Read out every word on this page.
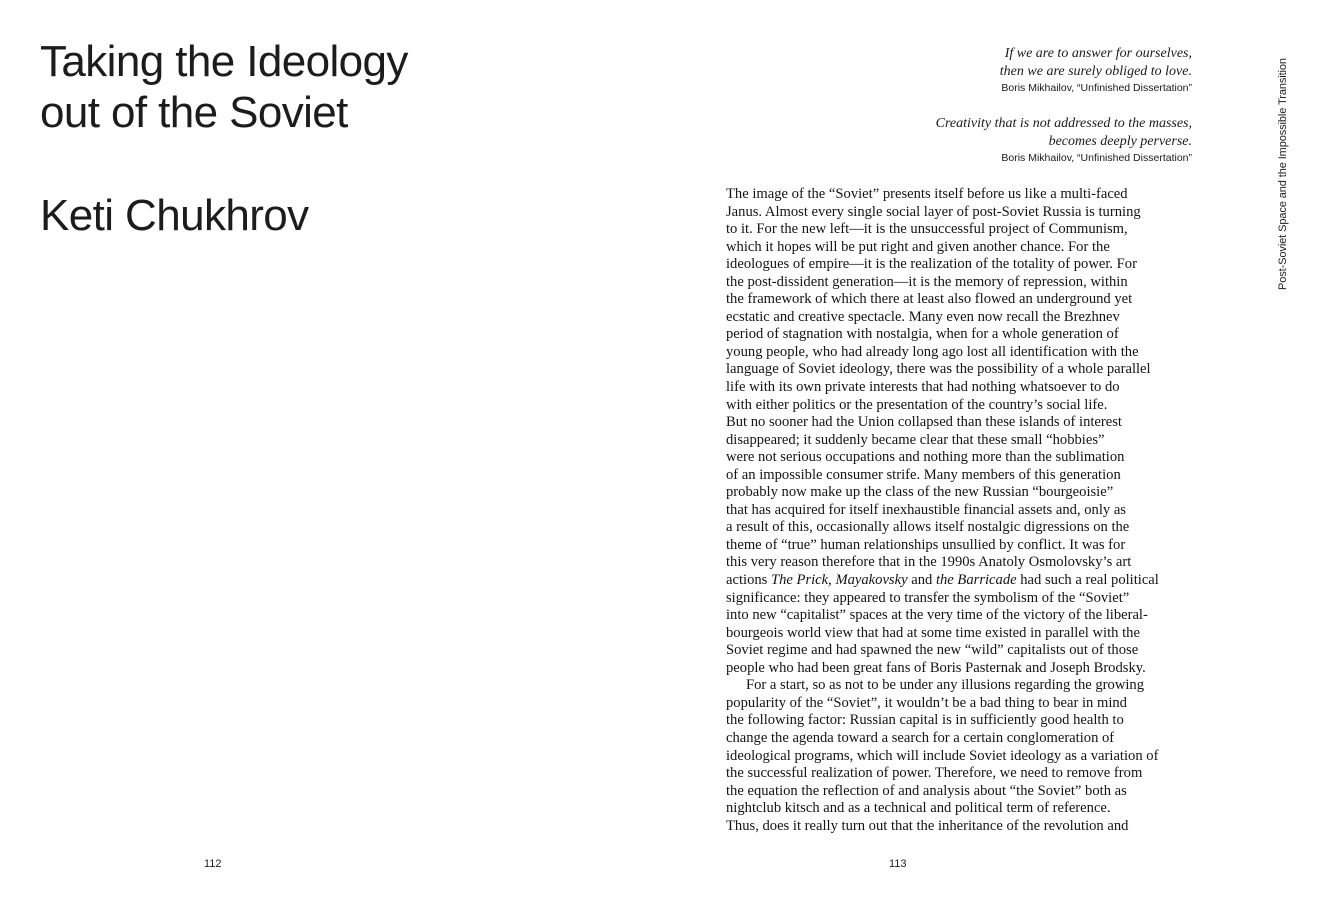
Taking the Ideology
out of the Soviet
Keti Chukhrov
112
Post-Soviet Space and the Impossible Transition
If we are to answer for ourselves,
then we are surely obliged to love.
Boris Mikhailov, “Unfinished Dissertation”
Creativity that is not addressed to the masses,
becomes deeply perverse.
Boris Mikhailov, “Unfinished Dissertation”
The image of the “Soviet” presents itself before us like a multi-faced
Janus. Almost every single social layer of post-Soviet Russia is turning
to it. For the new left—it is the unsuccessful project of Communism,
which it hopes will be put right and given another chance. For the
ideologues of empire—it is the realization of the totality of power. For
the post-dissident generation—it is the memory of repression, within
the framework of which there at least also flowed an underground yet
ecstatic and creative spectacle. Many even now recall the Brezhnev
period of stagnation with nostalgia, when for a whole generation of
young people, who had already long ago lost all identification with the
language of Soviet ideology, there was the possibility of a whole parallel
life with its own private interests that had nothing whatsoever to do
with either politics or the presentation of the country’s social life.
But no sooner had the Union collapsed than these islands of interest
disappeared; it suddenly became clear that these small “hobbies”
were not serious occupations and nothing more than the sublimation
of an impossible consumer strife. Many members of this generation
probably now make up the class of the new Russian “bourgeoisie”
that has acquired for itself inexhaustible financial assets and, only as
a result of this, occasionally allows itself nostalgic digressions on the
theme of “true” human relationships unsullied by conflict. It was for
this very reason therefore that in the 1990s Anatoly Osmolovsky’s art
actions The Prick, Mayakovsky and the Barricade had such a real political
significance: they appeared to transfer the symbolism of the “Soviet”
into new “capitalist” spaces at the very time of the victory of the liberal-
bourgeois world view that had at some time existed in parallel with the
Soviet regime and had spawned the new “wild” capitalists out of those
people who had been great fans of Boris Pasternak and Joseph Brodsky.
For a start, so as not to be under any illusions regarding the growing
popularity of the “Soviet”, it wouldn’t be a bad thing to bear in mind
the following factor: Russian capital is in sufficiently good health to
change the agenda toward a search for a certain conglomeration of
ideological programs, which will include Soviet ideology as a variation of
the successful realization of power. Therefore, we need to remove from
the equation the reflection of and analysis about “the Soviet” both as
nightclub kitsch and as a technical and political term of reference.
Thus, does it really turn out that the inheritance of the revolution and
113
